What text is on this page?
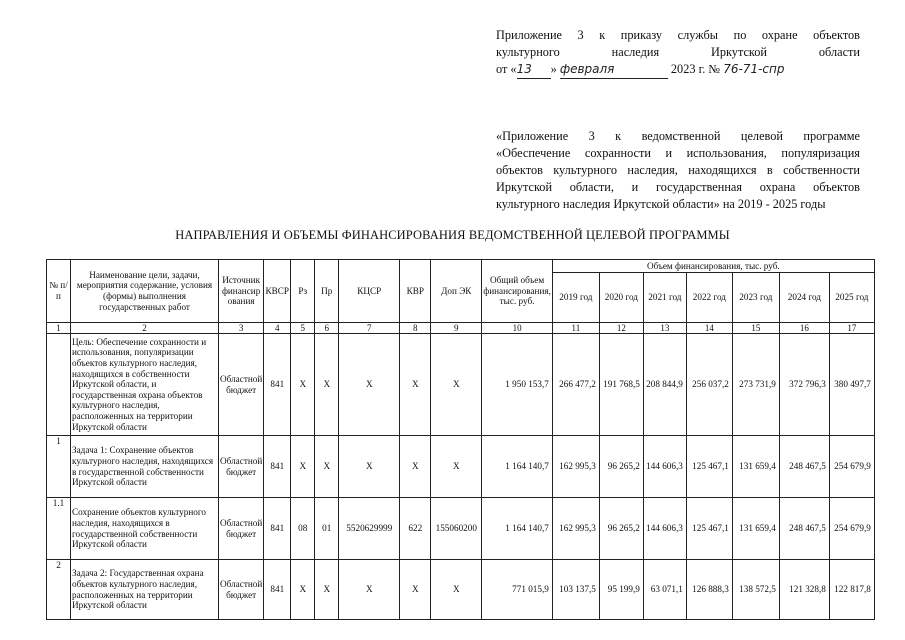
Приложение 3 к приказу службы по охране объектов
культурного	наследия	Иркутской	области
от «13 » февраля	2023 г. № 76-71-спр
«Приложение 3 к ведомственной целевой программе
«Обеспечение сохранности и использования, популяризация
объектов культурного наследия, находящихся в собственности
Иркутской области, и государственная охрана объектов
культурного наследия Иркутской области» на 2019 - 2025 годы
НАПРАВЛЕНИЯ И ОБЪЕМЫ ФИНАНСИРОВАНИЯ ВЕДОМСТВЕННОЙ ЦЕЛЕВОЙ ПРОГРАММЫ
№ п/п	Наименование цели, задачи, мероприятия содержание, условия (формы) выполнения государственных работ	Источник финансирования	КВСР	Рз	Пр	КЦСР	КВР	Доп ЭК	Общий объем финансирования, тыс. руб.	Объем финансирования, тыс. руб.						
										2019 год	2020 год	2021 год	2022 год	2023 год	2024 год	2025 год
1	2	3	4	5	6	7	8	9	10	11	12	13	14	15	16	17
	Цель: Обеспечение сохранности и использования, популяризации объектов культурного наследия, находящихся в собственности Иркутской области, и государственная охрана объектов культурного наследия, расположенных на территории Иркутской области	Областной бюджет	841	Х	Х	Х	Х	Х	1 950 153,7	266 477,2	191 768,5	208 844,9	256 037,2	273 731,9	372 796,3	380 497,7
1	Задача 1: Сохранение объектов культурного наследия, находящихся в государственной собственности Иркутской области	Областной бюджет	841	Х	Х	Х	Х	Х	1 164 140,7	162 995,3	96 265,2	144 606,3	125 467,1	131 659,4	248 467,5	254 679,9
1.1	Сохранение объектов культурного наследия, находящихся в государственной собственности Иркутской области	Областной бюджет	841	08	01	5520629999	622	155060200	1 164 140,7	162 995,3	96 265,2	144 606,3	125 467,1	131 659,4	248 467,5	254 679,9
2	Задача 2: Государственная охрана объектов культурного наследия, расположенных на территории Иркутской области	Областной бюджет	841	Х	Х	Х	Х	Х	771 015,9	103 137,5	95 199,9	63 071,1	126 888,3	138 572,5	121 328,8	122 817,8
